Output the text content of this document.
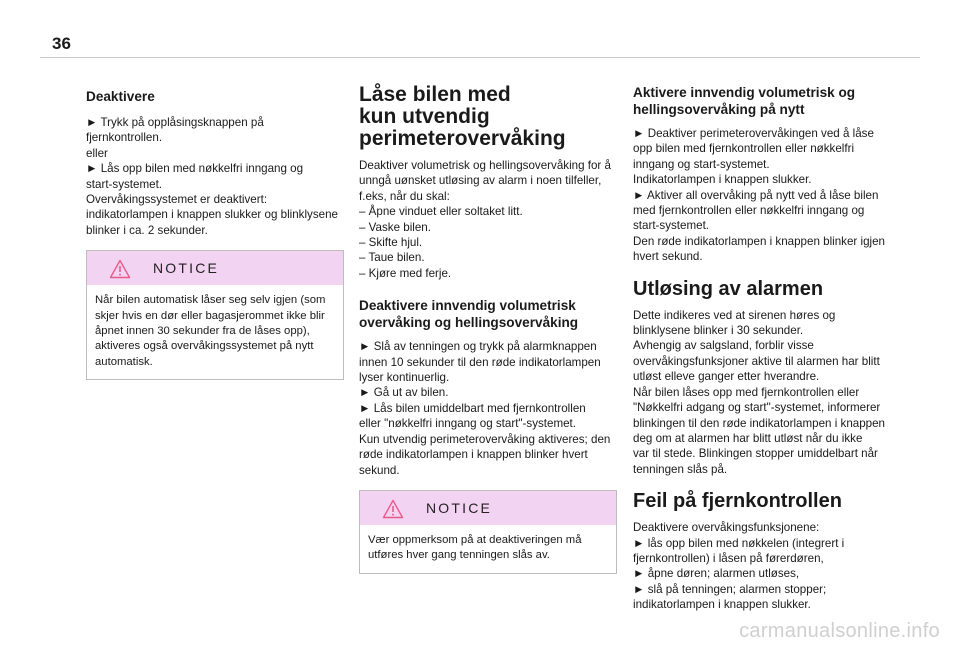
36
Deaktivere
► Trykk på opplåsingsknappen på
fjernkontrollen.
eller
► Lås opp bilen med nøkkelfri inngang og
start-systemet.
Overvåkingssystemet er deaktivert:
indikatorlampen i knappen slukker og blinklysene
blinker i ca. 2 sekunder.
NOTICE
Når bilen automatisk låser seg selv igjen (som
skjer hvis en dør eller bagasjerommet ikke blir
åpnet innen 30 sekunder fra de låses opp),
aktiveres også overvåkingssystemet på nytt
automatisk.
Låse bilen med
kun utvendig
perimeterovervåking
Deaktiver volumetrisk og hellingsovervåking for å
unngå uønsket utløsing av alarm i noen tilfeller,
f.eks, når du skal:
– Åpne vinduet eller soltaket litt.
– Vaske bilen.
– Skifte hjul.
– Taue bilen.
– Kjøre med ferje.
Deaktivere innvendig volumetrisk
overvåking og hellingsovervåking
► Slå av tenningen og trykk på alarmknappen
innen 10 sekunder til den røde indikatorlampen
lyser kontinuerlig.
► Gå ut av bilen.
► Lås bilen umiddelbart med fjernkontrollen
eller "nøkkelfri inngang og start"-systemet.
Kun utvendig perimeterovervåking aktiveres; den
røde indikatorlampen i knappen blinker hvert
sekund.
NOTICE
Vær oppmerksom på at deaktiveringen må
utføres hver gang tenningen slås av.
Aktivere innvendig volumetrisk og
hellingsovervåking på nytt
► Deaktiver perimeterovervåkingen ved å låse
opp bilen med fjernkontrollen eller nøkkelfri
inngang og start-systemet.
Indikatorlampen i knappen slukker.
► Aktiver all overvåking på nytt ved å låse bilen
med fjernkontrollen eller nøkkelfri inngang og
start-systemet.
Den røde indikatorlampen i knappen blinker igjen
hvert sekund.
Utløsing av alarmen
Dette indikeres ved at sirenen høres og
blinklysene blinker i 30 sekunder.
Avhengig av salgsland, forblir visse
overvåkingsfunksjoner aktive til alarmen har blitt
utløst elleve ganger etter hverandre.
Når bilen låses opp med fjernkontrollen eller
"Nøkkelfri adgang og start"-systemet, informerer
blinkingen til den røde indikatorlampen i knappen
deg om at alarmen har blitt utløst når du ikke
var til stede. Blinkingen stopper umiddelbart når
tenningen slås på.
Feil på fjernkontrollen
Deaktivere overvåkingsfunksjonene:
► lås opp bilen med nøkkelen (integrert i
fjernkontrollen) i låsen på førerdøren,
► åpne døren; alarmen utløses,
► slå på tenningen; alarmen stopper;
indikatorlampen i knappen slukker.
carmanualsonline.info
